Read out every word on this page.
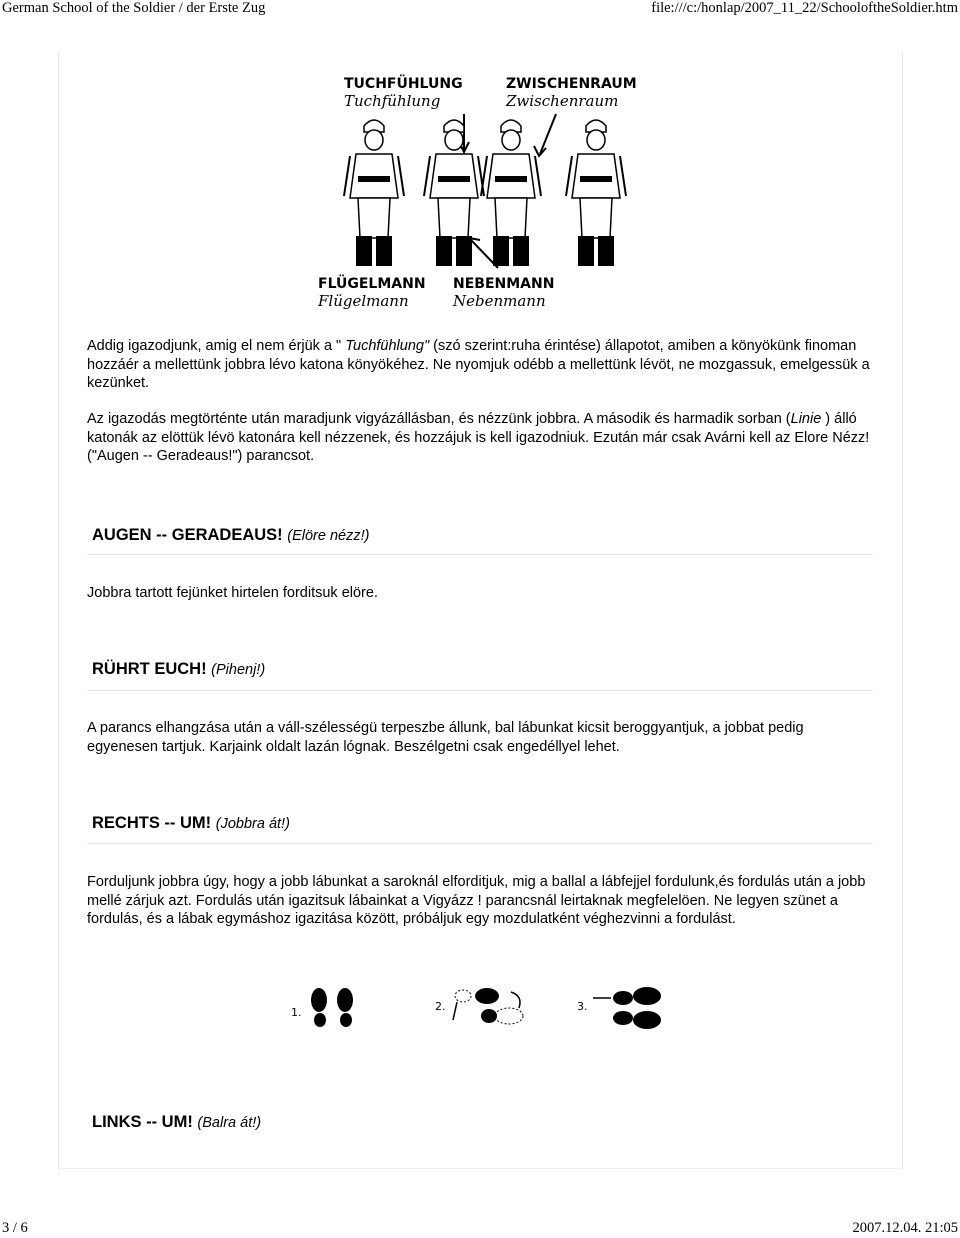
German School of the Soldier / der Erste Zug	file:///c:/honlap/2007_11_22/SchooloftheSoldier.htm
TUCHFÜHLUNG	ZWISCHENRAUM
FLÜGELMANN NEBENMANN
Tuchfühlung	Zwischenraum
Flügelmann	Nebenmann
Addig igazodjunk, amig el nem érjük a " Tuchfühlung" (szó szerint:ruha érintése) állapotot, amiben a könyökünk finoman hozzáér a mellettünk jobbra lévo katona könyökéhez. Ne nyomjuk odébb a mellettünk lévöt, ne mozgassuk, emelgessük a kezünket.
Az igazodás megtörténte után maradjunk vigyázállásban, és nézzünk jobbra. A második és harmadik sorban (Linie ) álló katonák az elöttük lévö katonára kell nézzenek, és hozzájuk is kell igazodniuk. Ezután már csak Avárni kell az Elore Nézz! ("Augen -- Geradeaus!") parancsot.
AUGEN -- GERADEAUS! (Elöre nézz!)
Jobbra tartott fejünket hirtelen forditsuk elöre.
RÜHRT EUCH! (Pihenj!)
A parancs elhangzása után a váll-szélességü terpeszbe állunk, bal lábunkat kicsit beroggyantjuk, a jobbat pedig egyenesen tartjuk. Karjaink oldalt lazán lógnak. Beszélgetni csak engedéllyel lehet.
RECHTS -- UM! (Jobbra át!)
Forduljunk jobbra úgy, hogy a jobb lábunkat a saroknál elforditjuk, mig a ballal a lábfejjel fordulunk,és fordulás után a jobb mellé zárjuk azt. Fordulás után igazitsuk lábainkat a Vigyázz ! parancsnál leirtaknak megfelelöen. Ne legyen szünet a fordulás, és a lábak egymáshoz igazitása között, próbáljuk egy mozdulatként véghezvinni a fordulást.
1.	2.	3.
LINKS -- UM! (Balra át!)
3 / 6	2007.12.04. 21:05
